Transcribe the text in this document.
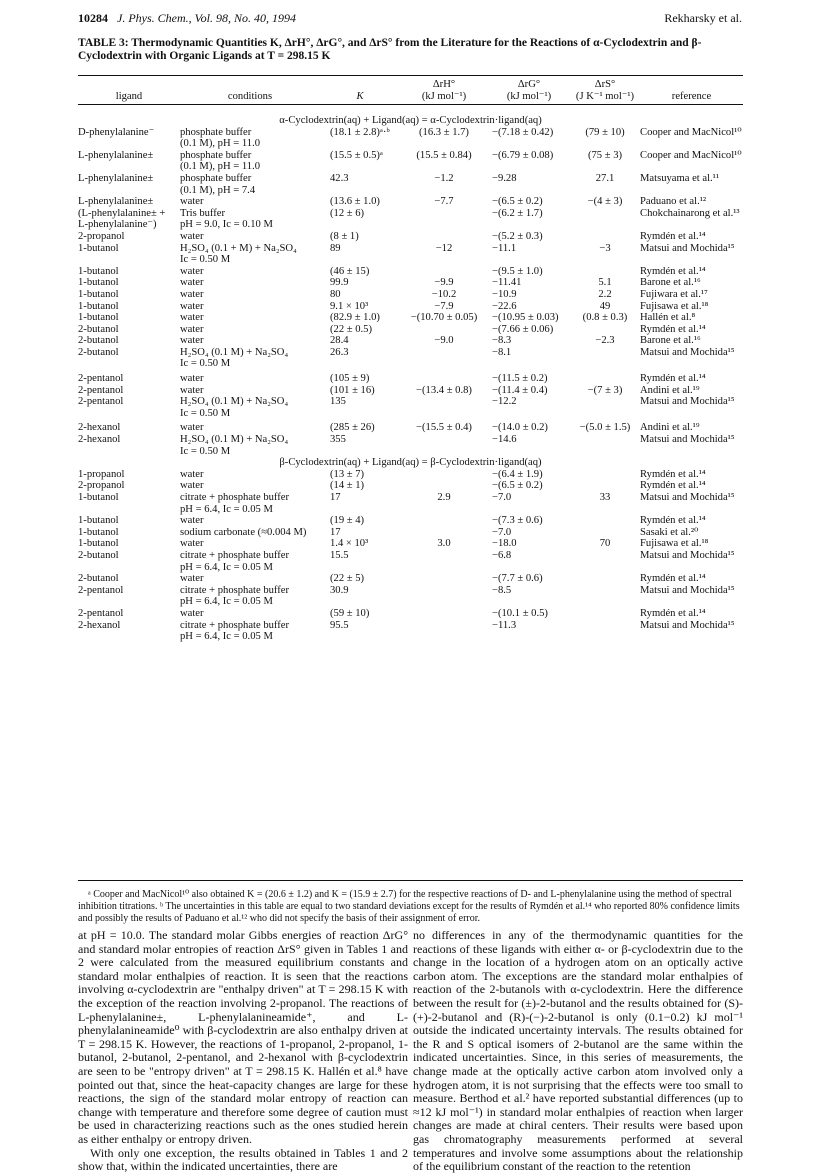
10284 J. Phys. Chem., Vol. 98, No. 40, 1994	Rekharsky et al.
TABLE 3: Thermodynamic Quantities K, ΔrH°, ΔrG°, and ΔrS° from the Literature for the Reactions of α-Cyclodextrin and β-Cyclodextrin with Organic Ligands at T = 298.15 K
			ΔrH°	ΔrG°	ΔrS°	
ligand	conditions	K	(kJ mol⁻¹)	(kJ mol⁻¹)	(J K⁻¹ mol⁻¹)	reference
α-Cyclodextrin(aq) + Ligand(aq) = α-Cyclodextrin·ligand(aq)						
D-phenylalanine⁻	phosphate buffer	(18.1 ± 2.8)ᵃ·ᵇ	(16.3 ± 1.7)	−(7.18 ± 0.42)	(79 ± 10)	Cooper and MacNicol¹⁰
	(0.1 M), pH = 11.0					
L-phenylalanine±	phosphate buffer	(15.5 ± 0.5)ᵃ	(15.5 ± 0.84)	−(6.79 ± 0.08)	(75 ± 3)	Cooper and MacNicol¹⁰
	(0.1 M), pH = 11.0					
L-phenylalanine±	phosphate buffer	42.3	−1.2	−9.28	27.1	Matsuyama et al.¹¹
	(0.1 M), pH = 7.4					
L-phenylalanine±	water	(13.6 ± 1.0)	−7.7	−(6.5 ± 0.2)	−(4 ± 3)	Paduano et al.¹²
(L-phenylalanine± +	Tris buffer	(12 ± 6)		−(6.2 ± 1.7)		Chokchainarong et al.¹³
L-phenylalanine⁻)	pH = 9.0, Ic = 0.10 M					
2-propanol	water	(8 ± 1)		−(5.2 ± 0.3)		Rymdén et al.¹⁴
1-butanol	H₂SO₄ (0.1 + M) + Na₂SO₄	89	−12	−11.1	−3	Matsui and Mochida¹⁵
	Ic = 0.50 M					
1-butanol	water	(46 ± 15)		−(9.5 ± 1.0)		Rymdén et al.¹⁴
1-butanol	water	99.9	−9.9	−11.41	5.1	Barone et al.¹⁶
1-butanol	water	80	−10.2	−10.9	2.2	Fujiwara et al.¹⁷
1-butanol	water	9.1 × 10³	−7.9	−22.6	49	Fujisawa et al.¹⁸
1-butanol	water	(82.9 ± 1.0)	−(10.70 ± 0.05)	−(10.95 ± 0.03)	(0.8 ± 0.3)	Hallén et al.⁸
2-butanol	water	(22 ± 0.5)		−(7.66 ± 0.06)		Rymdén et al.¹⁴
2-butanol	water	28.4	−9.0	−8.3	−2.3	Barone et al.¹⁶
2-butanol	H₂SO₄ (0.1 M) + Na₂SO₄	26.3		−8.1		Matsui and Mochida¹⁵
	Ic = 0.50 M					
2-pentanol	water	(105 ± 9)		−(11.5 ± 0.2)		Rymdén et al.¹⁴
2-pentanol	water	(101 ± 16)	−(13.4 ± 0.8)	−(11.4 ± 0.4)	−(7 ± 3)	Andini et al.¹⁹
2-pentanol	H₂SO₄ (0.1 M) + Na₂SO₄	135		−12.2		Matsui and Mochida¹⁵
	Ic = 0.50 M					
2-hexanol	water	(285 ± 26)	−(15.5 ± 0.4)	−(14.0 ± 0.2)	−(5.0 ± 1.5)	Andini et al.¹⁹
2-hexanol	H₂SO₄ (0.1 M) + Na₂SO₄	355		−14.6		Matsui and Mochida¹⁵
	Ic = 0.50 M					
β-Cyclodextrin(aq) + Ligand(aq) = β-Cyclodextrin·ligand(aq)						
1-propanol	water	(13 ± 7)		−(6.4 ± 1.9)		Rymdén et al.¹⁴
2-propanol	water	(14 ± 1)		−(6.5 ± 0.2)		Rymdén et al.¹⁴
1-butanol	citrate + phosphate buffer	17	2.9	−7.0	33	Matsui and Mochida¹⁵
	pH = 6.4, Ic = 0.05 M					
1-butanol	water	(19 ± 4)		−(7.3 ± 0.6)		Rymdén et al.¹⁴
1-butanol	sodium carbonate (≈0.004 M)	17		−7.0		Sasaki et al.²⁰
1-butanol	water	1.4 × 10³	3.0	−18.0	70	Fujisawa et al.¹⁸
2-butanol	citrate + phosphate buffer	15.5		−6.8		Matsui and Mochida¹⁵
	pH = 6.4, Ic = 0.05 M					
2-butanol	water	(22 ± 5)		−(7.7 ± 0.6)		Rymdén et al.¹⁴
2-pentanol	citrate + phosphate buffer	30.9		−8.5		Matsui and Mochida¹⁵
	pH = 6.4, Ic = 0.05 M					
2-pentanol	water	(59 ± 10)		−(10.1 ± 0.5)		Rymdén et al.¹⁴
2-hexanol	citrate + phosphate buffer	95.5		−11.3		Matsui and Mochida¹⁵
	pH = 6.4, Ic = 0.05 M					
ᵃ Cooper and MacNicol¹⁰ also obtained K = (20.6 ± 1.2) and K = (15.9 ± 2.7) for the respective reactions of D- and L-phenylalanine using the method of spectral inhibition titrations. ᵇ The uncertainties in this table are equal to two standard deviations except for the results of Rymdén et al.¹⁴ who reported 80% confidence limits and possibly the results of Paduano et al.¹² who did not specify the basis of their assignment of error.

at pH = 10.0. The standard molar Gibbs energies of reaction ΔrG° and standard molar entropies of reaction ΔrS° given in Tables 1 and 2 were calculated from the measured equilibrium constants and standard molar enthalpies of reaction. It is seen that the reactions involving α-cyclodextrin are "enthalpy driven" at T = 298.15 K with the exception of the reaction involving 2-propanol. The reactions of L-phenylalanine±, L-phenylalanineamide⁺, and L-phenylalanineamide⁰ with β-cyclodextrin are also enthalpy driven at T = 298.15 K. However, the reactions of 1-propanol, 2-propanol, 1-butanol, 2-butanol, 2-pentanol, and 2-hexanol with β-cyclodextrin are seen to be "entropy driven" at T = 298.15 K. Hallén et al.⁸ have pointed out that, since the heat-capacity changes are large for these reactions, the sign of the standard molar entropy of reaction can change with temperature and therefore some degree of caution must be used in characterizing reactions such as the ones studied herein as either enthalpy or entropy driven.

With only one exception, the results obtained in Tables 1 and 2 show that, within the indicated uncertainties, there are

no differences in any of the thermodynamic quantities for the reactions of these ligands with either α- or β-cyclodextrin due to the change in the location of a hydrogen atom on an optically active carbon atom. The exceptions are the standard molar enthalpies of reaction of the 2-butanols with α-cyclodextrin. Here the difference between the result for (±)-2-butanol and the results obtained for (S)-(+)-2-butanol and (R)-(−)-2-butanol is only (0.1−0.2) kJ mol⁻¹ outside the indicated uncertainty intervals. The results obtained for the R and S optical isomers of 2-butanol are the same within the indicated uncertainties. Since, in this series of measurements, the change made at the optically active carbon atom involved only a hydrogen atom, it is not surprising that the effects were too small to measure. Berthod et al.² have reported substantial differences (up to ≈12 kJ mol⁻¹) in standard molar enthalpies of reaction when larger changes are made at chiral centers. Their results were based upon gas chromatography measurements performed at several temperatures and involve some assumptions about the relationship of the equilibrium constant of the reaction to the retention
